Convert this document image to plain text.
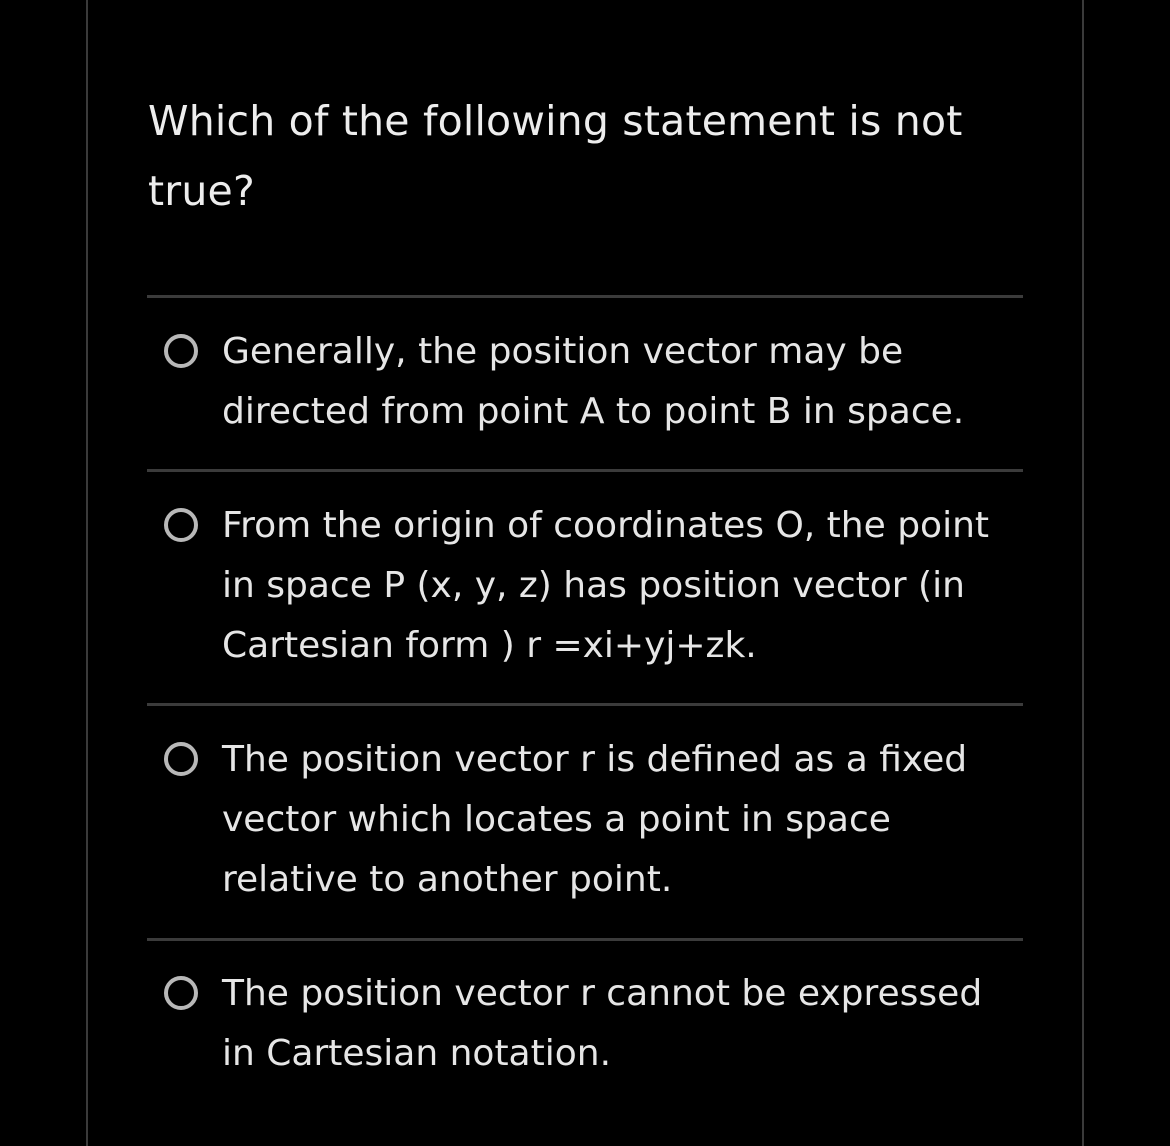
Which of the following statement is not true?
Generally, the position vector may be directed from point A to point B in space.
From the origin of coordinates O, the point in space P (x, y, z) has position vector (in Cartesian form ) r =xi+yj+zk.
The position vector r is defined as a fixed vector which locates a point in space relative to another point.
The position vector r cannot be expressed in Cartesian notation.
